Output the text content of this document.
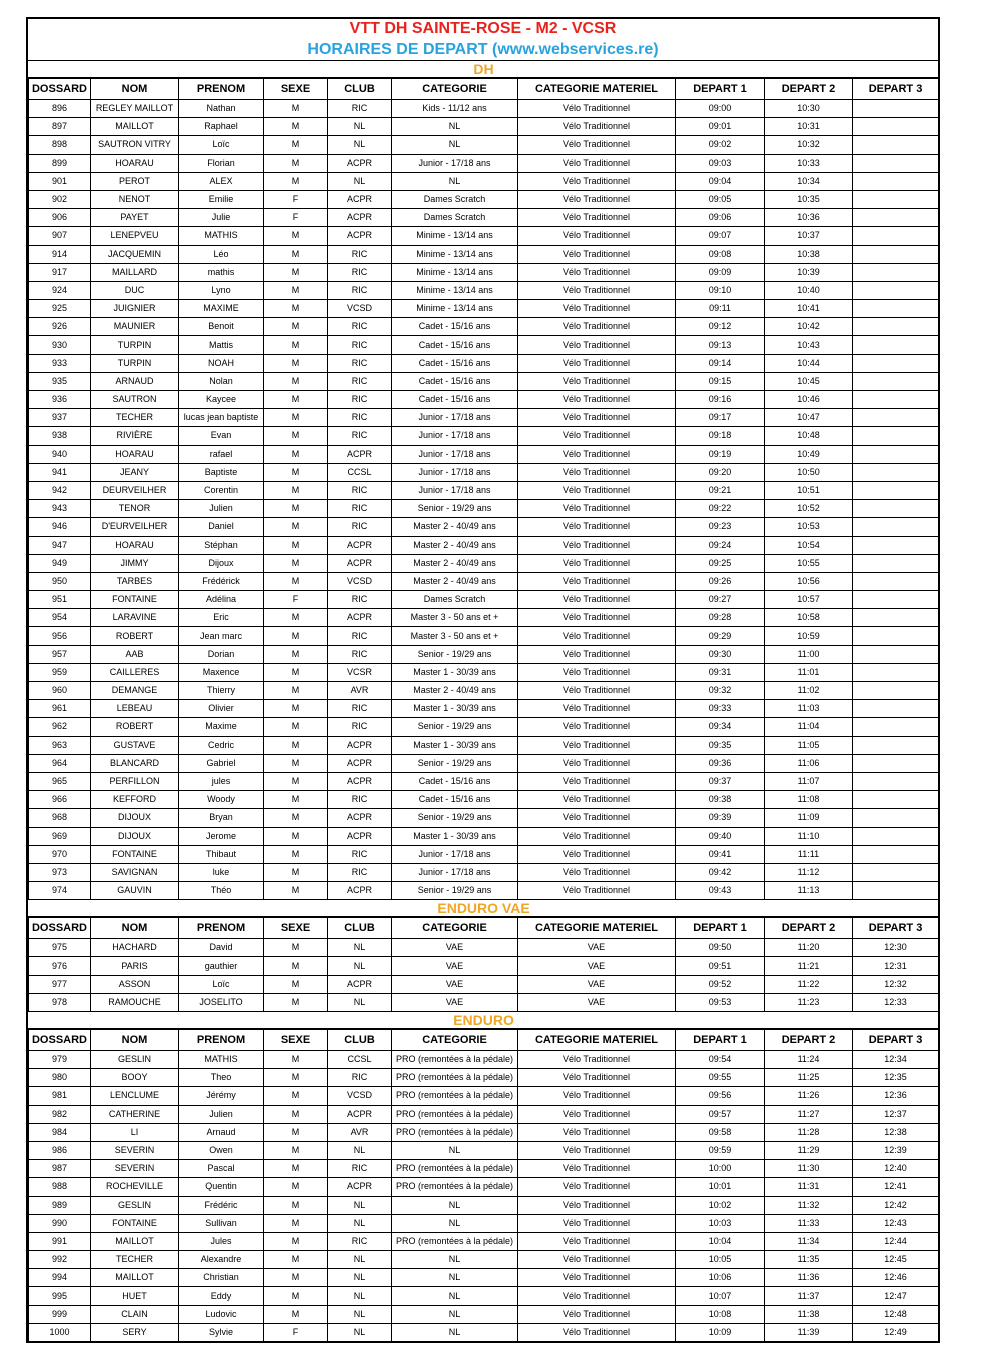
VTT DH SAINTE-ROSE - M2 - VCSR
HORAIRES DE DEPART (www.webservices.re)
DH									
DOSSARD	NOM	PRENOM	SEXE	CLUB	CATEGORIE	CATEGORIE MATERIEL	DEPART 1	DEPART 2	DEPART 3
896	REGLEY MAILLOT	Nathan	M	RIC	Kids - 11/12 ans	Vélo Traditionnel	09:00	10:30	
897	MAILLOT	Raphael	M	NL	NL	Vélo Traditionnel	09:01	10:31	
898	SAUTRON VITRY	Loïc	M	NL	NL	Vélo Traditionnel	09:02	10:32	
899	HOARAU	Florian	M	ACPR	Junior - 17/18 ans	Vélo Traditionnel	09:03	10:33	
901	PEROT	ALEX	M	NL	NL	Vélo Traditionnel	09:04	10:34	
902	NENOT	Emilie	F	ACPR	Dames Scratch	Vélo Traditionnel	09:05	10:35	
906	PAYET	Julie	F	ACPR	Dames Scratch	Vélo Traditionnel	09:06	10:36	
907	LENEPVEU	MATHIS	M	ACPR	Minime - 13/14 ans	Vélo Traditionnel	09:07	10:37	
914	JACQUEMIN	Léo	M	RIC	Minime - 13/14 ans	Vélo Traditionnel	09:08	10:38	
917	MAILLARD	mathis	M	RIC	Minime - 13/14 ans	Vélo Traditionnel	09:09	10:39	
924	DUC	Lyno	M	RIC	Minime - 13/14 ans	Vélo Traditionnel	09:10	10:40	
925	JUIGNIER	MAXIME	M	VCSD	Minime - 13/14 ans	Vélo Traditionnel	09:11	10:41	
926	MAUNIER	Benoit	M	RIC	Cadet - 15/16 ans	Vélo Traditionnel	09:12	10:42	
930	TURPIN	Mattis	M	RIC	Cadet - 15/16 ans	Vélo Traditionnel	09:13	10:43	
933	TURPIN	NOAH	M	RIC	Cadet - 15/16 ans	Vélo Traditionnel	09:14	10:44	
935	ARNAUD	Nolan	M	RIC	Cadet - 15/16 ans	Vélo Traditionnel	09:15	10:45	
936	SAUTRON	Kaycee	M	RIC	Cadet - 15/16 ans	Vélo Traditionnel	09:16	10:46	
937	TECHER	lucas jean baptiste	M	RIC	Junior - 17/18 ans	Vélo Traditionnel	09:17	10:47	
938	RIVIÈRE	Evan	M	RIC	Junior - 17/18 ans	Vélo Traditionnel	09:18	10:48	
940	HOARAU	rafael	M	ACPR	Junior - 17/18 ans	Vélo Traditionnel	09:19	10:49	
941	JEANY	Baptiste	M	CCSL	Junior - 17/18 ans	Vélo Traditionnel	09:20	10:50	
942	DEURVEILHER	Corentin	M	RIC	Junior - 17/18 ans	Vélo Traditionnel	09:21	10:51	
943	TENOR	Julien	M	RIC	Senior - 19/29 ans	Vélo Traditionnel	09:22	10:52	
946	D'EURVEILHER	Daniel	M	RIC	Master 2 - 40/49 ans	Vélo Traditionnel	09:23	10:53	
947	HOARAU	Stéphan	M	ACPR	Master 2 - 40/49 ans	Vélo Traditionnel	09:24	10:54	
949	JIMMY	Dijoux	M	ACPR	Master 2 - 40/49 ans	Vélo Traditionnel	09:25	10:55	
950	TARBES	Frédérick	M	VCSD	Master 2 - 40/49 ans	Vélo Traditionnel	09:26	10:56	
951	FONTAINE	Adélina	F	RIC	Dames Scratch	Vélo Traditionnel	09:27	10:57	
954	LARAVINE	Eric	M	ACPR	Master 3 - 50 ans et +	Vélo Traditionnel	09:28	10:58	
956	ROBERT	Jean marc	M	RIC	Master 3 - 50 ans et +	Vélo Traditionnel	09:29	10:59	
957	AAB	Dorian	M	RIC	Senior - 19/29 ans	Vélo Traditionnel	09:30	11:00	
959	CAILLERES	Maxence	M	VCSR	Master 1 - 30/39 ans	Vélo Traditionnel	09:31	11:01	
960	DEMANGE	Thierry	M	AVR	Master 2 - 40/49 ans	Vélo Traditionnel	09:32	11:02	
961	LEBEAU	Olivier	M	RIC	Master 1 - 30/39 ans	Vélo Traditionnel	09:33	11:03	
962	ROBERT	Maxime	M	RIC	Senior - 19/29 ans	Vélo Traditionnel	09:34	11:04	
963	GUSTAVE	Cedric	M	ACPR	Master 1 - 30/39 ans	Vélo Traditionnel	09:35	11:05	
964	BLANCARD	Gabriel	M	ACPR	Senior - 19/29 ans	Vélo Traditionnel	09:36	11:06	
965	PERFILLON	jules	M	ACPR	Cadet - 15/16 ans	Vélo Traditionnel	09:37	11:07	
966	KEFFORD	Woody	M	RIC	Cadet - 15/16 ans	Vélo Traditionnel	09:38	11:08	
968	DIJOUX	Bryan	M	ACPR	Senior - 19/29 ans	Vélo Traditionnel	09:39	11:09	
969	DIJOUX	Jerome	M	ACPR	Master 1 - 30/39 ans	Vélo Traditionnel	09:40	11:10	
970	FONTAINE	Thibaut	M	RIC	Junior - 17/18 ans	Vélo Traditionnel	09:41	11:11	
973	SAVIGNAN	luke	M	RIC	Junior - 17/18 ans	Vélo Traditionnel	09:42	11:12	
974	GAUVIN	Théo	M	ACPR	Senior - 19/29 ans	Vélo Traditionnel	09:43	11:13	
ENDURO VAE									
DOSSARD	NOM	PRENOM	SEXE	CLUB	CATEGORIE	CATEGORIE MATERIEL	DEPART 1	DEPART 2	DEPART 3
975	HACHARD	David	M	NL	VAE	VAE	09:50	11:20	12:30
976	PARIS	gauthier	M	NL	VAE	VAE	09:51	11:21	12:31
977	ASSON	Loïc	M	ACPR	VAE	VAE	09:52	11:22	12:32
978	RAMOUCHE	JOSELITO	M	NL	VAE	VAE	09:53	11:23	12:33
ENDURO									
DOSSARD	NOM	PRENOM	SEXE	CLUB	CATEGORIE	CATEGORIE MATERIEL	DEPART 1	DEPART 2	DEPART 3
979	GESLIN	MATHIS	M	CCSL	PRO (remontées à la pédale)	Vélo Traditionnel	09:54	11:24	12:34
980	BOOY	Theo	M	RIC	PRO (remontées à la pédale)	Vélo Traditionnel	09:55	11:25	12:35
981	LENCLUME	Jérémy	M	VCSD	PRO (remontées à la pédale)	Vélo Traditionnel	09:56	11:26	12:36
982	CATHERINE	Julien	M	ACPR	PRO (remontées à la pédale)	Vélo Traditionnel	09:57	11:27	12:37
984	LI	Arnaud	M	AVR	PRO (remontées à la pédale)	Vélo Traditionnel	09:58	11:28	12:38
986	SEVERIN	Owen	M	NL	NL	Vélo Traditionnel	09:59	11:29	12:39
987	SEVERIN	Pascal	M	RIC	PRO (remontées à la pédale)	Vélo Traditionnel	10:00	11:30	12:40
988	ROCHEVILLE	Quentin	M	ACPR	PRO (remontées à la pédale)	Vélo Traditionnel	10:01	11:31	12:41
989	GESLIN	Frédéric	M	NL	NL	Vélo Traditionnel	10:02	11:32	12:42
990	FONTAINE	Sullivan	M	NL	NL	Vélo Traditionnel	10:03	11:33	12:43
991	MAILLOT	Jules	M	RIC	PRO (remontées à la pédale)	Vélo Traditionnel	10:04	11:34	12:44
992	TECHER	Alexandre	M	NL	NL	Vélo Traditionnel	10:05	11:35	12:45
994	MAILLOT	Christian	M	NL	NL	Vélo Traditionnel	10:06	11:36	12:46
995	HUET	Eddy	M	NL	NL	Vélo Traditionnel	10:07	11:37	12:47
999	CLAIN	Ludovic	M	NL	NL	Vélo Traditionnel	10:08	11:38	12:48
1000	SERY	Sylvie	F	NL	NL	Vélo Traditionnel	10:09	11:39	12:49
